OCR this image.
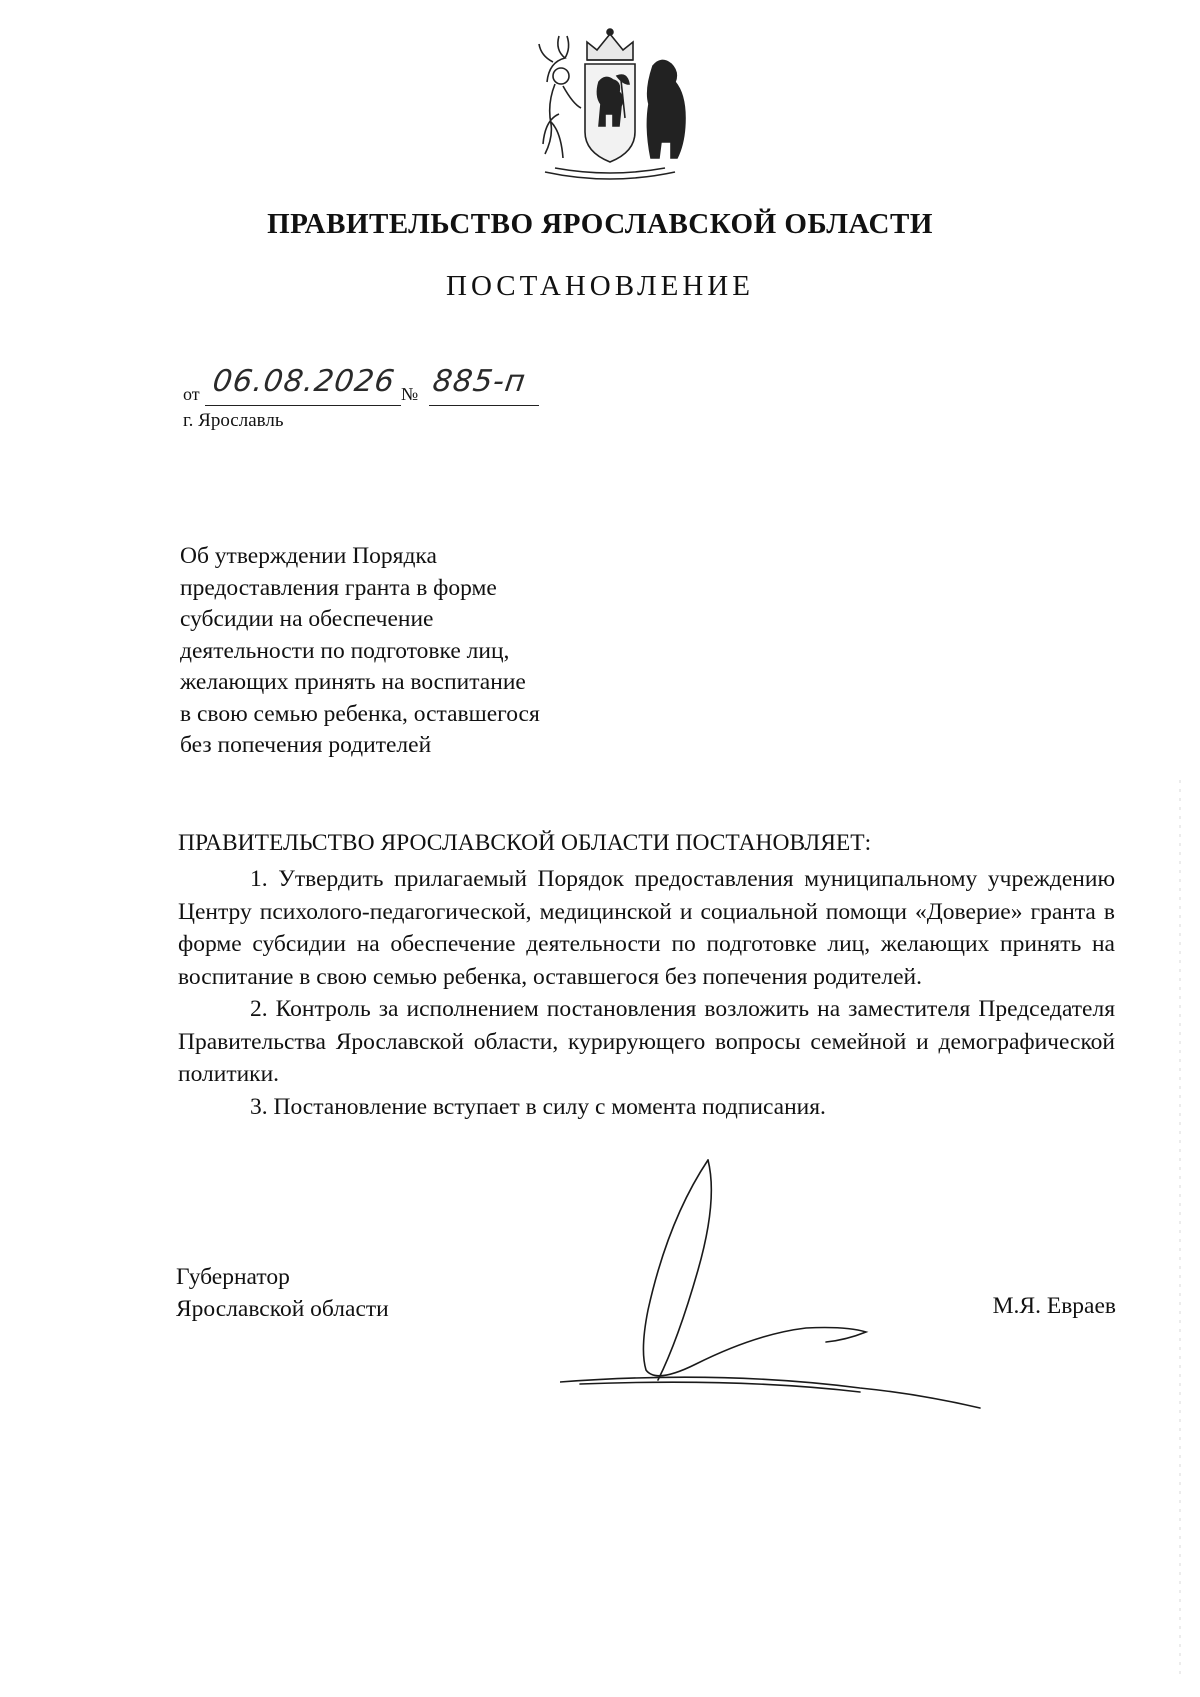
ПРАВИТЕЛЬСТВО ЯРОСЛАВСКОЙ ОБЛАСТИ
ПОСТАНОВЛЕНИЕ
от 06.08.2026 № 885-п
г. Ярославль
Об утверждении Порядка
предоставления гранта в форме
субсидии на обеспечение
деятельности по подготовке лиц,
желающих принять на воспитание
в свою семью ребенка, оставшегося
без попечения родителей
ПРАВИТЕЛЬСТВО ЯРОСЛАВСКОЙ ОБЛАСТИ ПОСТАНОВЛЯЕТ:

1. Утвердить прилагаемый Порядок предоставления муниципальному учреждению Центру психолого-педагогической, медицинской и социальной помощи «Доверие» гранта в форме субсидии на обеспечение деятельности по подготовке лиц, желающих принять на воспитание в свою семью ребенка, оставшегося без попечения родителей.

2. Контроль за исполнением постановления возложить на заместителя Председателя Правительства Ярославской области, курирующего вопросы семейной и демографической политики.

3. Постановление вступает в силу с момента подписания.

Губернатор
Ярославской области	М.Я. Евраев
